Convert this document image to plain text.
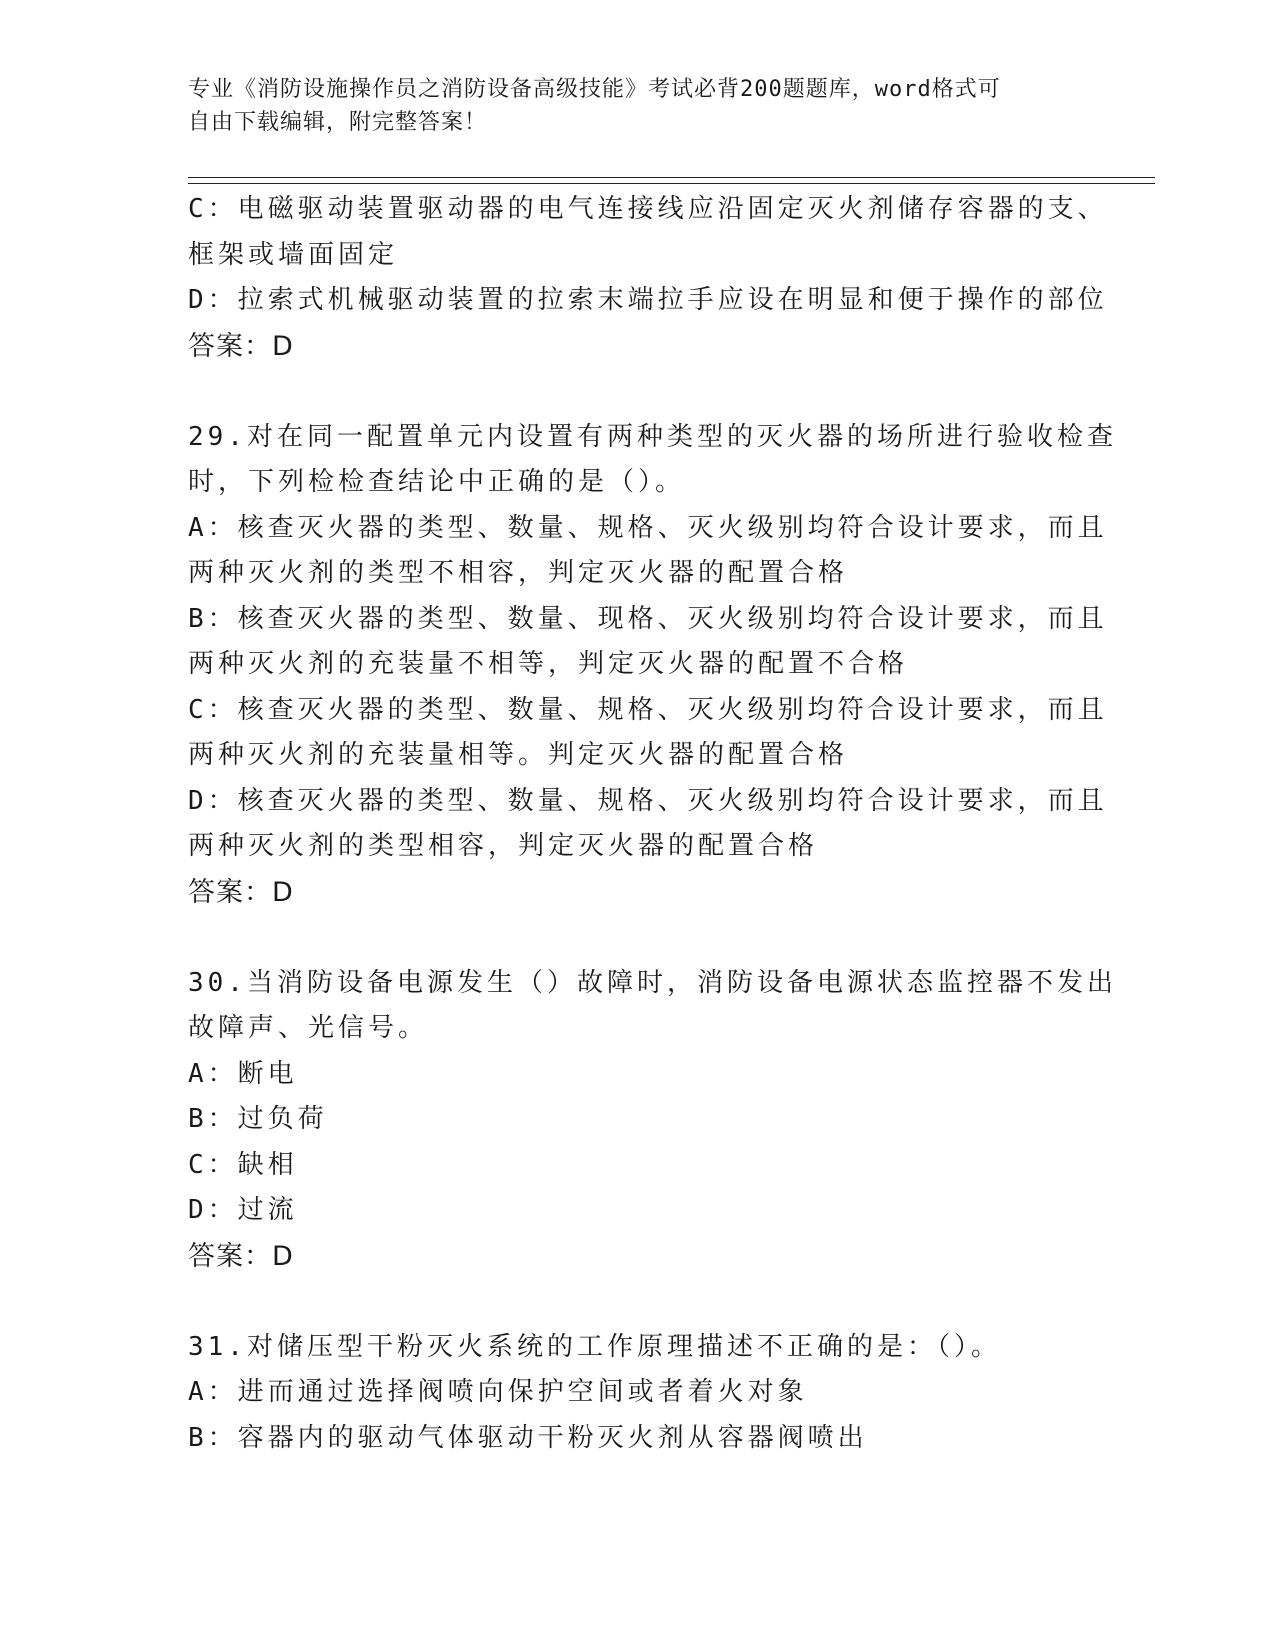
专业《消防设施操作员之消防设备高级技能》考试必背200题题库，word格式可
自由下载编辑，附完整答案！
C：电磁驱动装置驱动器的电气连接线应沿固定灭火剂储存容器的支、
框架或墙面固定
D：拉索式机械驱动装置的拉索末端拉手应设在明显和便于操作的部位
答案：D
29.对在同一配置单元内设置有两种类型的灭火器的场所进行验收检查
时，下列检检查结论中正确的是（）。
A：核查灭火器的类型、数量、规格、灭火级别均符合设计要求，而且
两种灭火剂的类型不相容，判定灭火器的配置合格
B：核查灭火器的类型、数量、现格、灭火级别均符合设计要求，而且
两种灭火剂的充装量不相等，判定灭火器的配置不合格
C：核查灭火器的类型、数量、规格、灭火级别均符合设计要求，而且
两种灭火剂的充装量相等。判定灭火器的配置合格
D：核查灭火器的类型、数量、规格、灭火级别均符合设计要求，而且
两种灭火剂的类型相容，判定灭火器的配置合格
答案：D
30.当消防设备电源发生（）故障时，消防设备电源状态监控器不发出
故障声、光信号。
A：断电
B：过负荷
C：缺相
D：过流
答案：D
31.对储压型干粉灭火系统的工作原理描述不正确的是：（）。
A：进而通过选择阀喷向保护空间或者着火对象
B：容器内的驱动气体驱动干粉灭火剂从容器阀喷出
